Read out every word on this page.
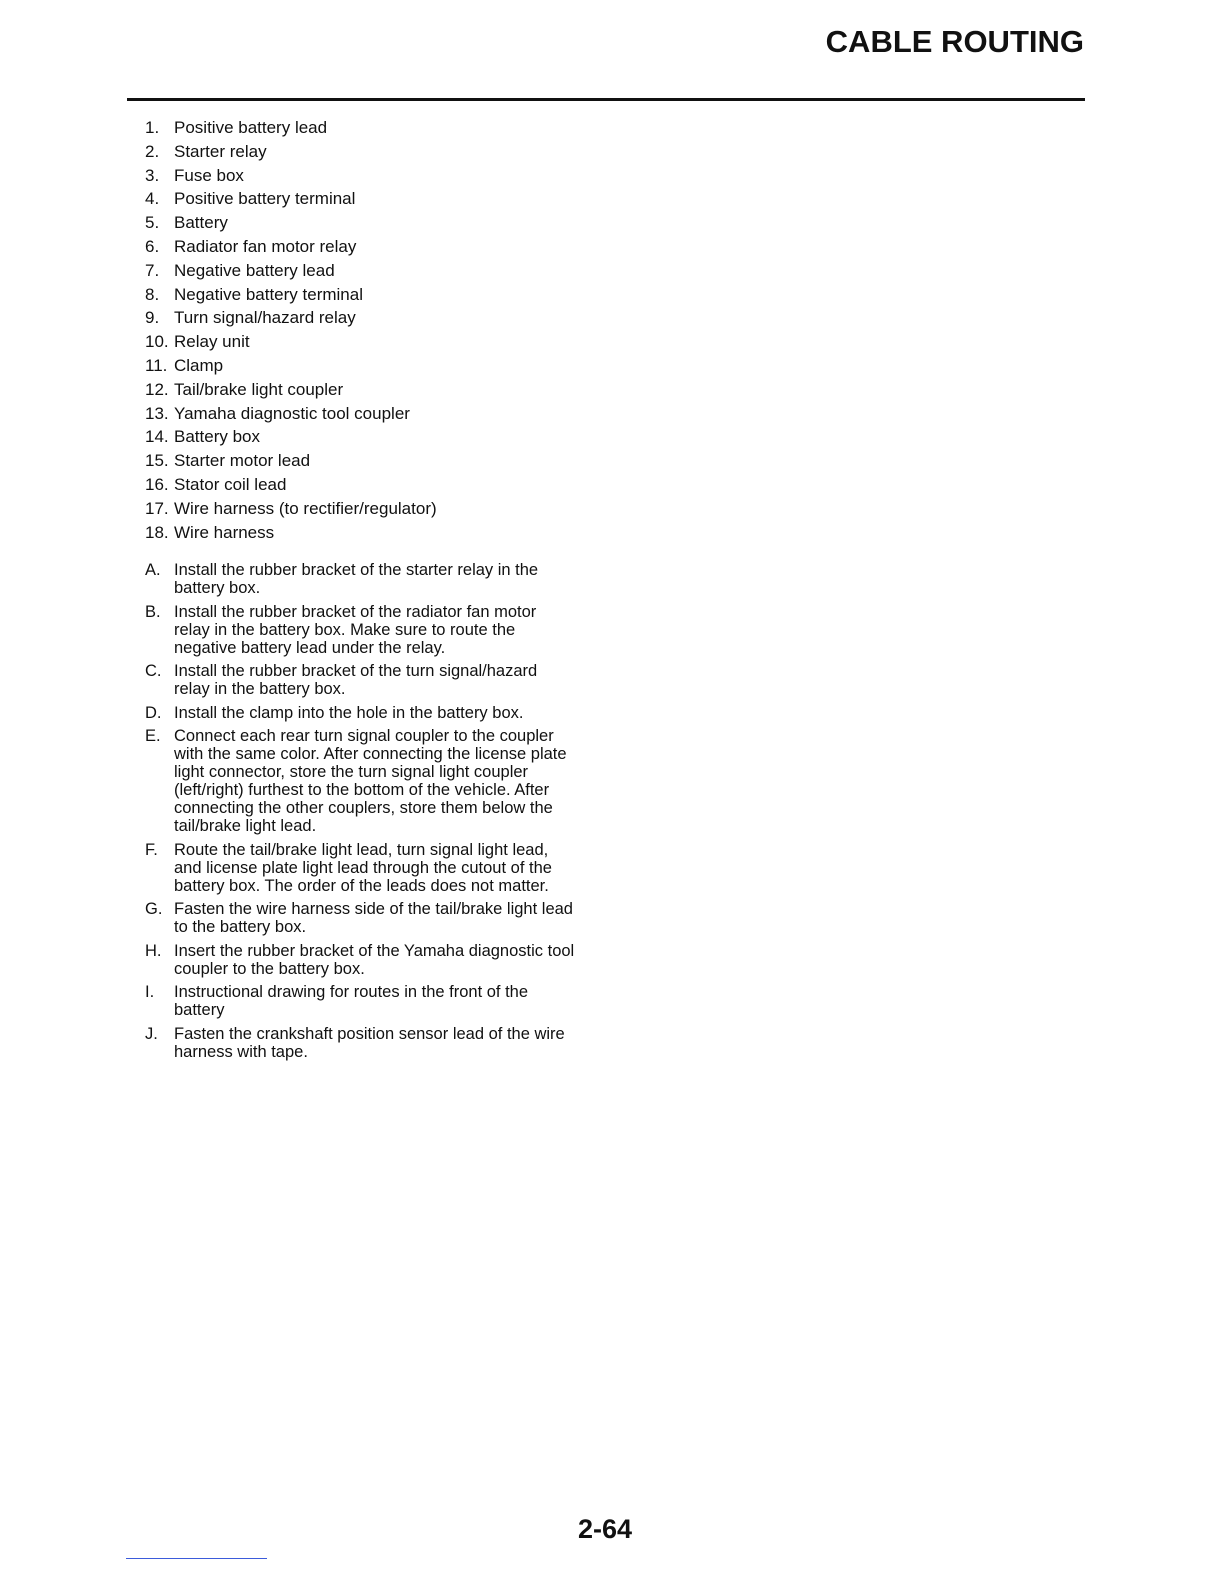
CABLE ROUTING
1. Positive battery lead
2. Starter relay
3. Fuse box
4. Positive battery terminal
5. Battery
6. Radiator fan motor relay
7. Negative battery lead
8. Negative battery terminal
9. Turn signal/hazard relay
10. Relay unit
11. Clamp
12. Tail/brake light coupler
13. Yamaha diagnostic tool coupler
14. Battery box
15. Starter motor lead
16. Stator coil lead
17. Wire harness (to rectifier/regulator)
18. Wire harness
A. Install the rubber bracket of the starter relay in the battery box.
B. Install the rubber bracket of the radiator fan motor relay in the battery box. Make sure to route the negative battery lead under the relay.
C. Install the rubber bracket of the turn signal/hazard relay in the battery box.
D. Install the clamp into the hole in the battery box.
E. Connect each rear turn signal coupler to the coupler with the same color. After connecting the license plate light connector, store the turn signal light coupler (left/right) furthest to the bottom of the vehicle. After connecting the other couplers, store them below the tail/brake light lead.
F. Route the tail/brake light lead, turn signal light lead, and license plate light lead through the cutout of the battery box. The order of the leads does not matter.
G. Fasten the wire harness side of the tail/brake light lead to the battery box.
H. Insert the rubber bracket of the Yamaha diagnostic tool coupler to the battery box.
I. Instructional drawing for routes in the front of the battery
J. Fasten the crankshaft position sensor lead of the wire harness with tape.
2-64
